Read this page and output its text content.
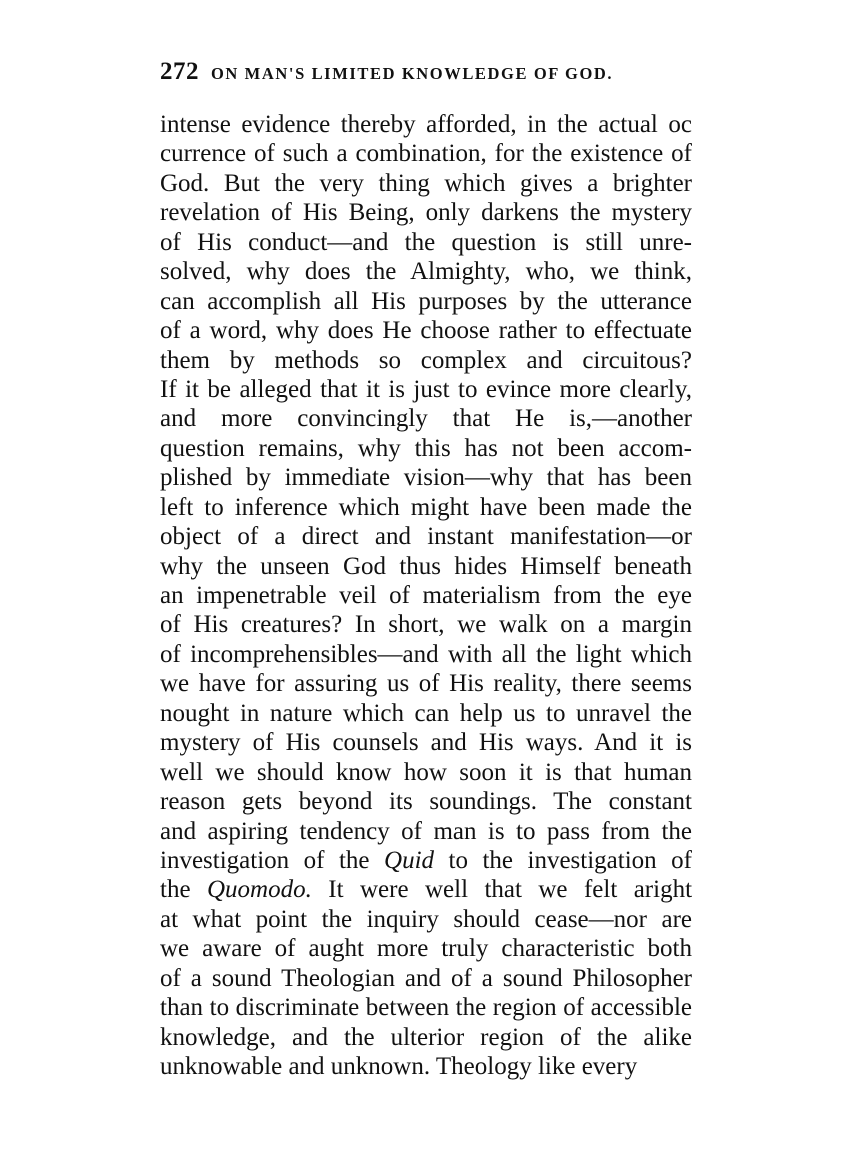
272 ON MAN'S LIMITED KNOWLEDGE OF GOD.
intense evidence thereby afforded, in the actual oc
currence of such a combination, for the existence of
God. But the very thing which gives a brighter
revelation of His Being, only darkens the mystery
of His conduct—and the question is still unre-
solved, why does the Almighty, who, we think,
can accomplish all His purposes by the utterance
of a word, why does He choose rather to effectuate
them by methods so complex and circuitous?
If it be alleged that it is just to evince more clearly,
and more convincingly that He is,—another
question remains, why this has not been accom-
plished by immediate vision—why that has been
left to inference which might have been made the
object of a direct and instant manifestation—or
why the unseen God thus hides Himself beneath
an impenetrable veil of materialism from the eye
of His creatures? In short, we walk on a margin
of incomprehensibles—and with all the light which
we have for assuring us of His reality, there seems
nought in nature which can help us to unravel the
mystery of His counsels and His ways. And it is
well we should know how soon it is that human
reason gets beyond its soundings. The constant
and aspiring tendency of man is to pass from the
investigation of the Quid to the investigation of
the Quomodo. It were well that we felt aright
at what point the inquiry should cease—nor are
we aware of aught more truly characteristic both
of a sound Theologian and of a sound Philosopher
than to discriminate between the region of accessible
knowledge, and the ulterior region of the alike
unknowable and unknown. Theology like every
